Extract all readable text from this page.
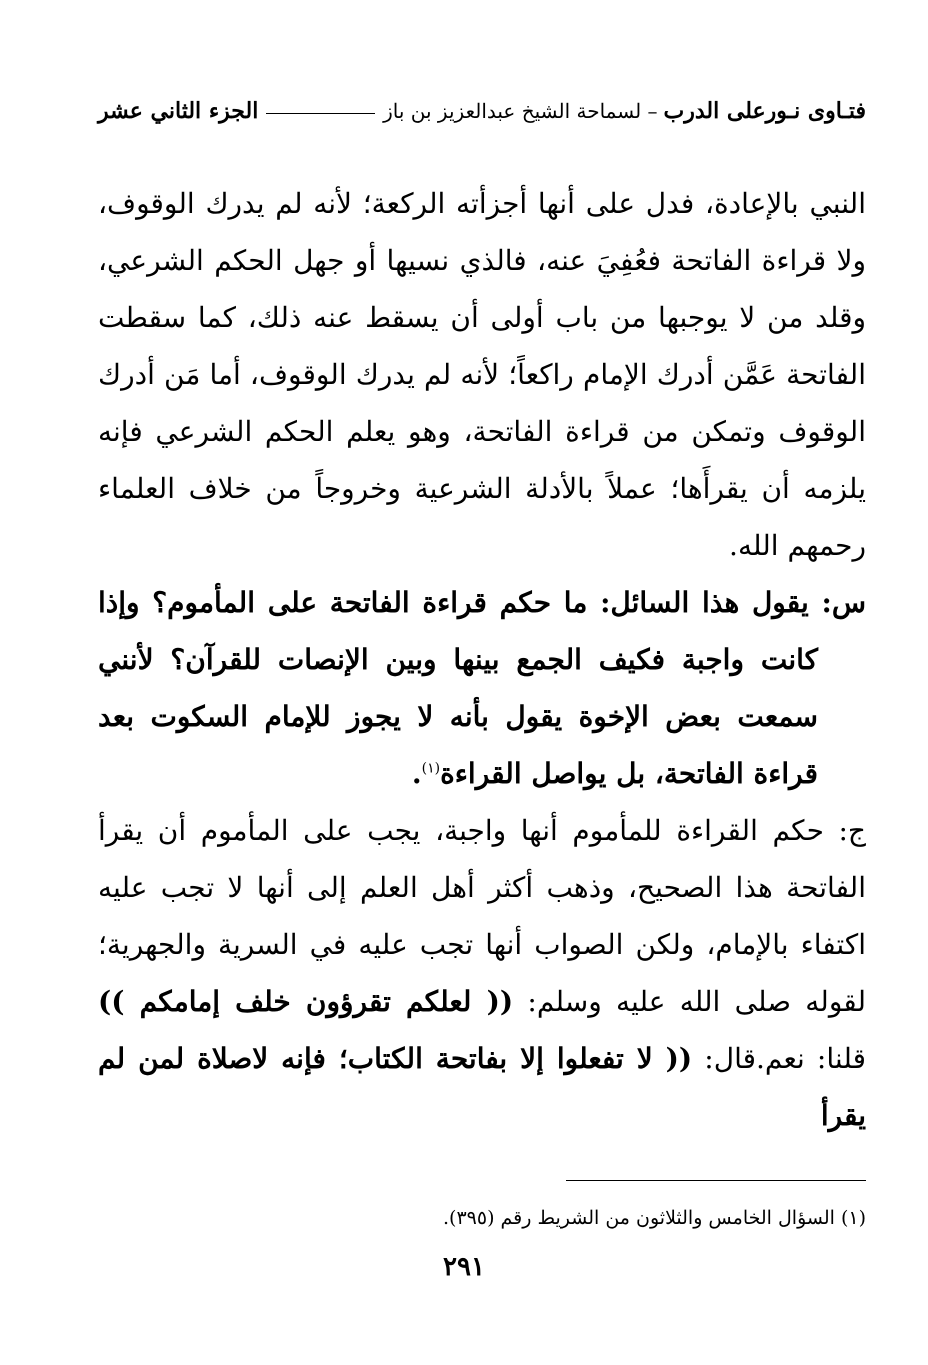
فتـاوى نـورعلى الدرب
– لسماحة الشيخ عبدالعزيز بن باز
الجزء الثاني عشر

النبي بالإعادة، فدل على أنها أجزأته الركعة؛ لأنه لم يدرك الوقوف، ولا قراءة الفاتحة فعُفِيَ عنه، فالذي نسيها أو جهل الحكم الشرعي، وقلد من لا يوجبها من باب أولى أن يسقط عنه ذلك، كما سقطت الفاتحة عَمَّن أدرك الإمام راكعاً؛ لأنه لم يدرك الوقوف، أما مَن أدرك الوقوف وتمكن من قراءة الفاتحة، وهو يعلم الحكم الشرعي فإنه يلزمه أن يقرأَها؛ عملاً بالأدلة الشرعية وخروجاً من خلاف العلماء رحمهم الله.

س: يقول هذا السائل: ما حكم قراءة الفاتحة على المأموم؟ وإذا كانت واجبة فكيف الجمع بينها وبين الإنصات للقرآن؟ لأنني سمعت بعض الإخوة يقول بأنه لا يجوز للإمام السكوت بعد قراءة الفاتحة، بل يواصل القراءة$^{(١)}$.

ج: حكم القراءة للمأموم أنها واجبة، يجب على المأموم أن يقرأ الفاتحة هذا الصحيح، وذهب أكثر أهل العلم إلى أنها لا تجب عليه اكتفاء بالإمام، ولكن الصواب أنها تجب عليه في السرية والجهرية؛ لقوله صلى الله عليه وسلم: (( لعلكم تقرؤون خلف إمامكم )) قلنا: نعم.قال: (( لا تفعلوا إلا بفاتحة الكتاب؛ فإنه لاصلاة لمن لم يقرأ

(١) السؤال الخامس والثلاثون من الشريط رقم (٣٩٥).
٢٩١
